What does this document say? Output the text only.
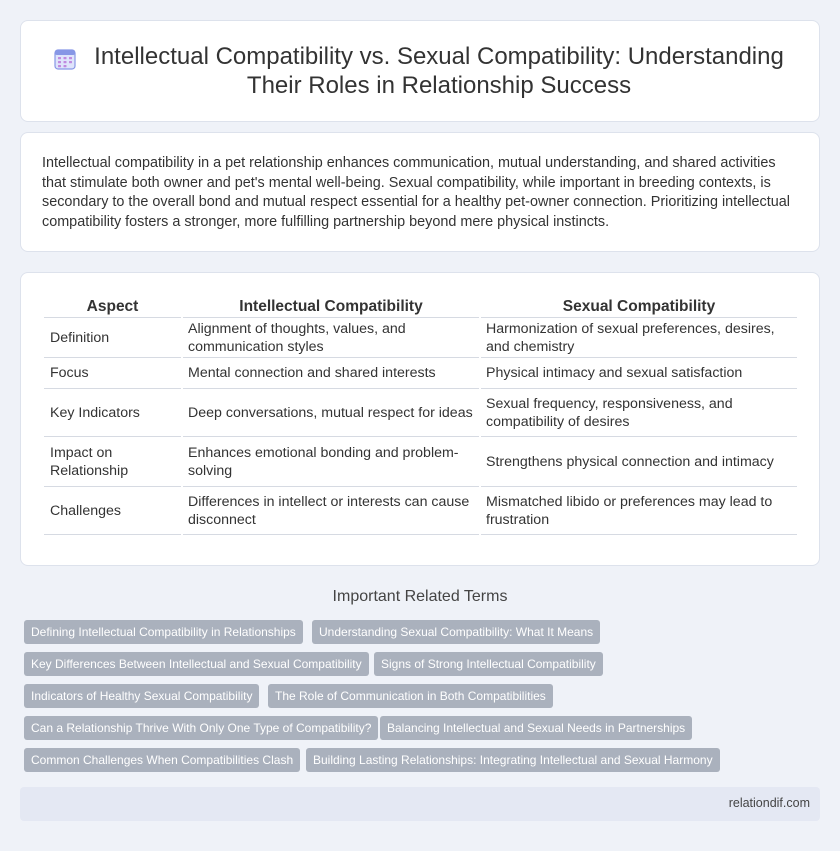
Intellectual Compatibility vs. Sexual Compatibility: Understanding Their Roles in Relationship Success

Intellectual compatibility in a pet relationship enhances communication, mutual understanding, and shared activities that stimulate both owner and pet's mental well-being. Sexual compatibility, while important in breeding contexts, is secondary to the overall bond and mutual respect essential for a healthy pet-owner connection. Prioritizing intellectual compatibility fosters a stronger, more fulfilling partnership beyond mere physical instincts.

Aspect	Intellectual Compatibility	Sexual Compatibility
Definition	Alignment of thoughts, values, and communication styles	Harmonization of sexual preferences, desires, and chemistry
Focus	Mental connection and shared interests	Physical intimacy and sexual satisfaction
Key Indicators	Deep conversations, mutual respect for ideas	Sexual frequency, responsiveness, and compatibility of desires
Impact on Relationship	Enhances emotional bonding and problem-solving	Strengthens physical connection and intimacy
Challenges	Differences in intellect or interests can cause disconnect	Mismatched libido or preferences may lead to frustration
Important Related Terms
Defining Intellectual Compatibility in Relationships	Understanding Sexual Compatibility: What It Means
Key Differences Between Intellectual and Sexual Compatibility	Signs of Strong Intellectual Compatibility
Indicators of Healthy Sexual Compatibility	The Role of Communication in Both Compatibilities
Can a Relationship Thrive With Only One Type of Compatibility?	Balancing Intellectual and Sexual Needs in Partnerships
Common Challenges When Compatibilities Clash	Building Lasting Relationships: Integrating Intellectual and Sexual Harmony
relationdif.com
